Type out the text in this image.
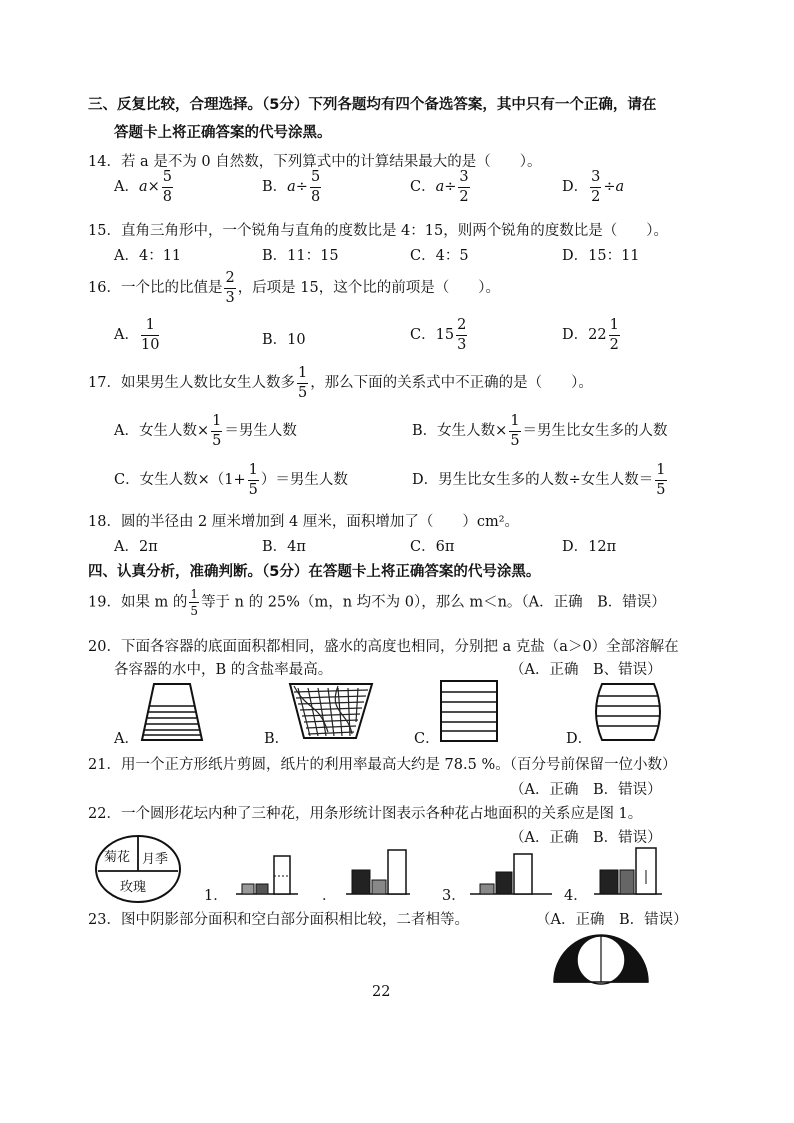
三、反复比较，合理选择。（5分）下列各题均有四个备选答案，其中只有一个正确，请在
答题卡上将正确答案的代号涂黑。
14．若 a 是不为 0 自然数，下列算式中的计算结果最大的是（　　）。
A．$a\times \frac{5}{8}$	B．$a\div \frac{5}{8}$	C．$a\div \frac{3}{2}$	D． $\frac{3}{2} \div a$
15．直角三角形中，一个锐角与直角的度数比是 4：15，则两个锐角的度数比是（　　）。
A．4：11	B．11：15	C．4：5	D．15：11
16．一个比的比值是 $\frac{2}{3}$ ，后项是 15，这个比的前项是（　　）。
A． $\frac{1}{10}$	B．10	C．$15 \frac{2}{3}$	D．$22 \frac{1}{2}$
17．如果男生人数比女生人数多 $\frac{1}{5}$ ，那么下面的关系式中不正确的是（　　）。
A．女生人数× $\frac{1}{5}$ ＝男生人数	B．女生人数× $\frac{1}{5}$ ＝男生比女生多的人数
C．女生人数$\times(1+ \frac{1}{5}$ ）＝男生人数	D．男生比女生多的人数÷女生人数＝ $\frac{1}{5}$
18．圆的半径由 2 厘米增加到 4 厘米，面积增加了（　　）cm²。
A．2π	B．4π	C．6π	D．12π
四、认真分析，准确判断。（5分）在答题卡上将正确答案的代号涂黑。
19．如果 m 的 $\frac{1}{5}$ 等于 n 的 25%（m，n 均不为 0），那么 m＜n。（A．正确　B．错误）
20．下面各容器的底面面积都相同，盛水的高度也相同，分别把 a 克盐（a＞0）全部溶解在
各容器的水中，B 的含盐率最高。	（A．正确　B、错误）
A．	B．	C．	D．
21．用一个正方形纸片剪圆，纸片的利用率最高大约是 78.5 %。（百分号前保留一位小数）
（A．正确　B．错误）
22．一个圆形花坛内种了三种花，用条形统计图表示各种花占地面积的关系应是图 1。
（A．正确　B．错误）
菊花 月季
玫瑰
1．	．	3．	4．
23．图中阴影部分面积和空白部分面积相比较，二者相等。	（A．正确　B．错误）
22
